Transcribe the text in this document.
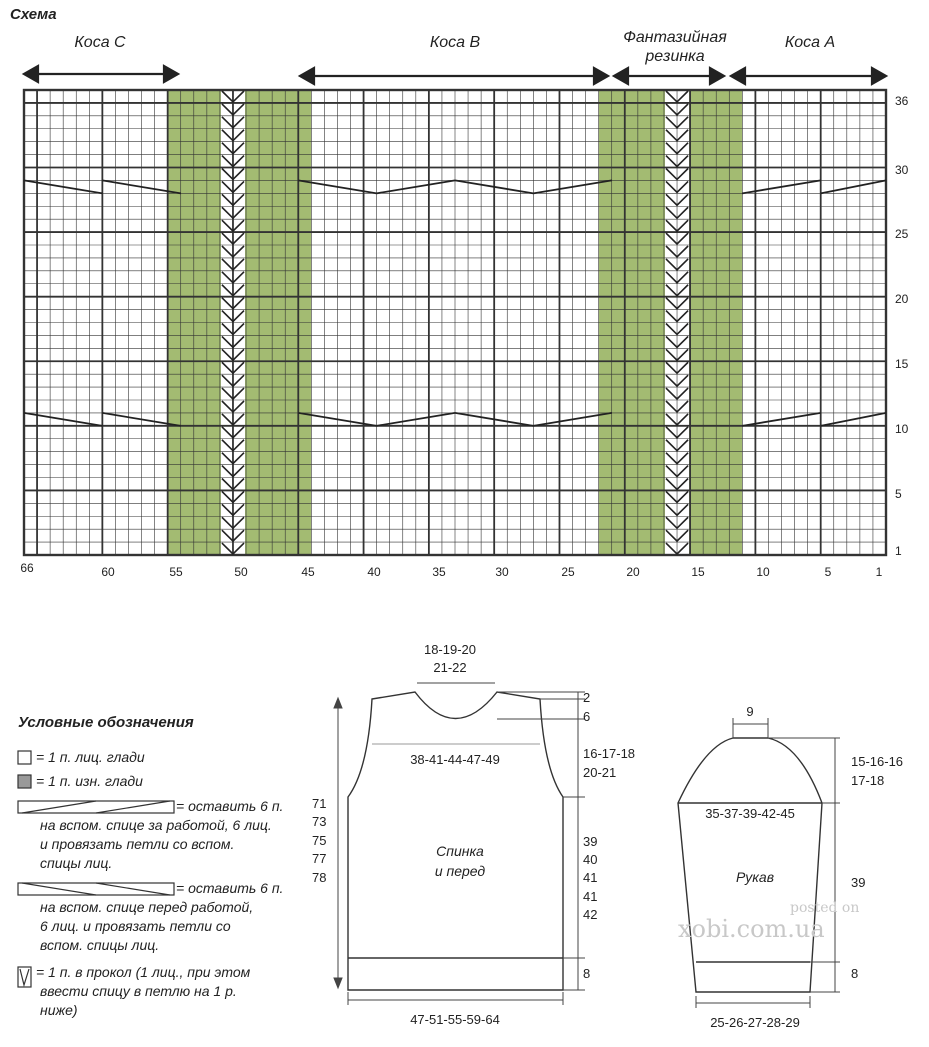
Схема
Коса С	Коса В	Фантазийная резинка
Коса А
36
30
25
20
15
10
5
1
66	60	55	50	45	40	35	30	25	20	15	10	5	1
Условные обозначения
= 1 п. лиц. глади
= 1 п. изн. глади
= оставить 6 п.
на вспом. спице за работой, 6 лиц.
и провязать петли со вспом.
спицы лиц.
= оставить 6 п.
на вспом. спице перед работой,
6 лиц. и провязать петли со
вспом. спицы лиц.
= 1 п. в прокол (1 лиц., при этом
ввести спицу в петлю на 1 р.
ниже)
18-19-20
21-22
2
6
38-41-44-47-49	16-17-18
20-21
39
40
41
41
42
71
73
75
77
78
Спинка
и перед
8
47-51-55-59-64
9
15-16-16
17-18
35-37-39-42-45
39
Рукав
8
25-26-27-28-29
posted on
xobi.com.ua
